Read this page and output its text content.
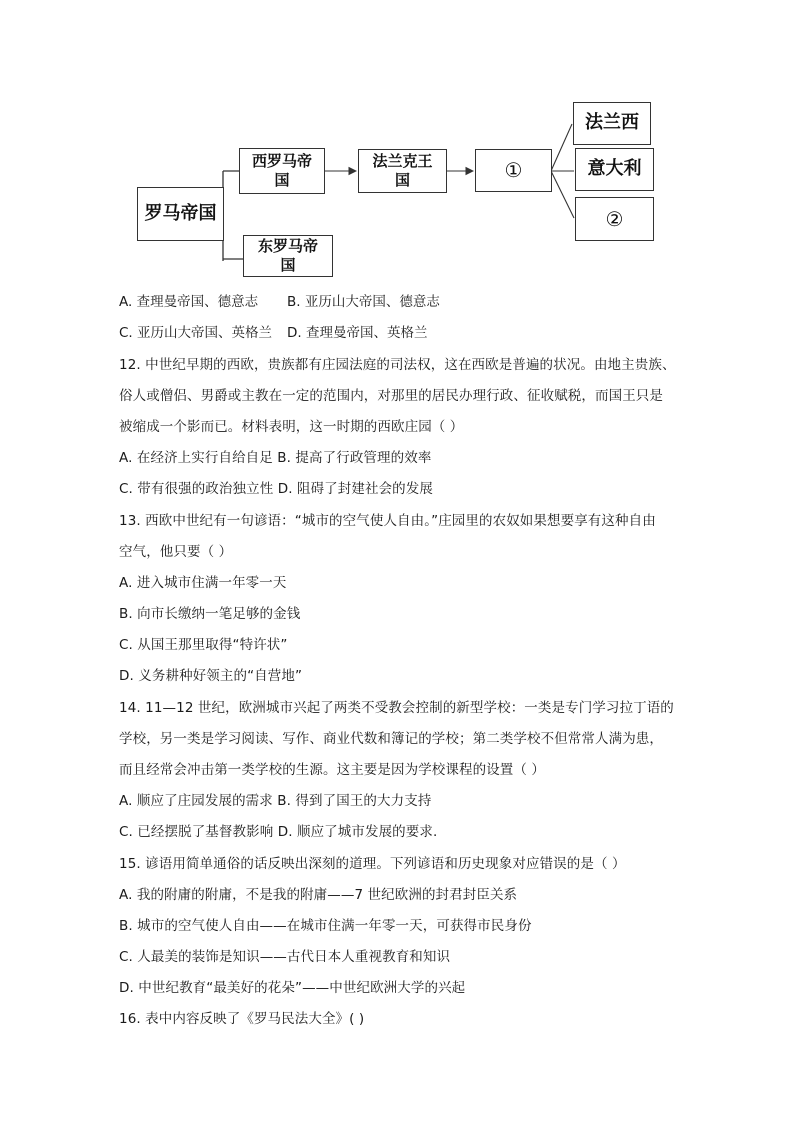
罗马帝国
西罗马帝国
东罗马帝国
法兰克王国	①
法兰西
意大利
②
A. 查理曼帝国、德意志 B. 亚历山大帝国、德意志
C. 亚历山大帝国、英格兰 D. 查理曼帝国、英格兰
12. 中世纪早期的西欧，贵族都有庄园法庭的司法权，这在西欧是普遍的状况。由地主贵族、
俗人或僧侣、男爵或主教在一定的范围内，对那里的居民办理行政、征收赋税，而国王只是
被缩成一个影而已。材料表明，这一时期的西欧庄园（ ）
A. 在经济上实行自给自足 B. 提高了行政管理的效率
C. 带有很强的政治独立性 D. 阻碍了封建社会的发展
13. 西欧中世纪有一句谚语：“城市的空气使人自由。”庄园里的农奴如果想要享有这种自由
空气，他只要（ ）
A. 进入城市住满一年零一天
B. 向市长缴纳一笔足够的金钱
C. 从国王那里取得“特许状”
D. 义务耕种好领主的“自营地”
14. 11—12 世纪，欧洲城市兴起了两类不受教会控制的新型学校：一类是专门学习拉丁语的
学校，另一类是学习阅读、写作、商业代数和簿记的学校；第二类学校不但常常人满为患，
而且经常会冲击第一类学校的生源。这主要是因为学校课程的设置（ ）
A. 顺应了庄园发展的需求 B. 得到了国王的大力支持
C. 已经摆脱了基督教影响 D. 顺应了城市发展的要求.
15. 谚语用简单通俗的话反映出深刻的道理。下列谚语和历史现象对应错误的是（ ）
A. 我的附庸的附庸，不是我的附庸——7 世纪欧洲的封君封臣关系
B. 城市的空气使人自由——在城市住满一年零一天，可获得市民身份
C. 人最美的装饰是知识——古代日本人重视教育和知识
D. 中世纪教育“最美好的花朵”——中世纪欧洲大学的兴起
16. 表中内容反映了《罗马民法大全》( )
